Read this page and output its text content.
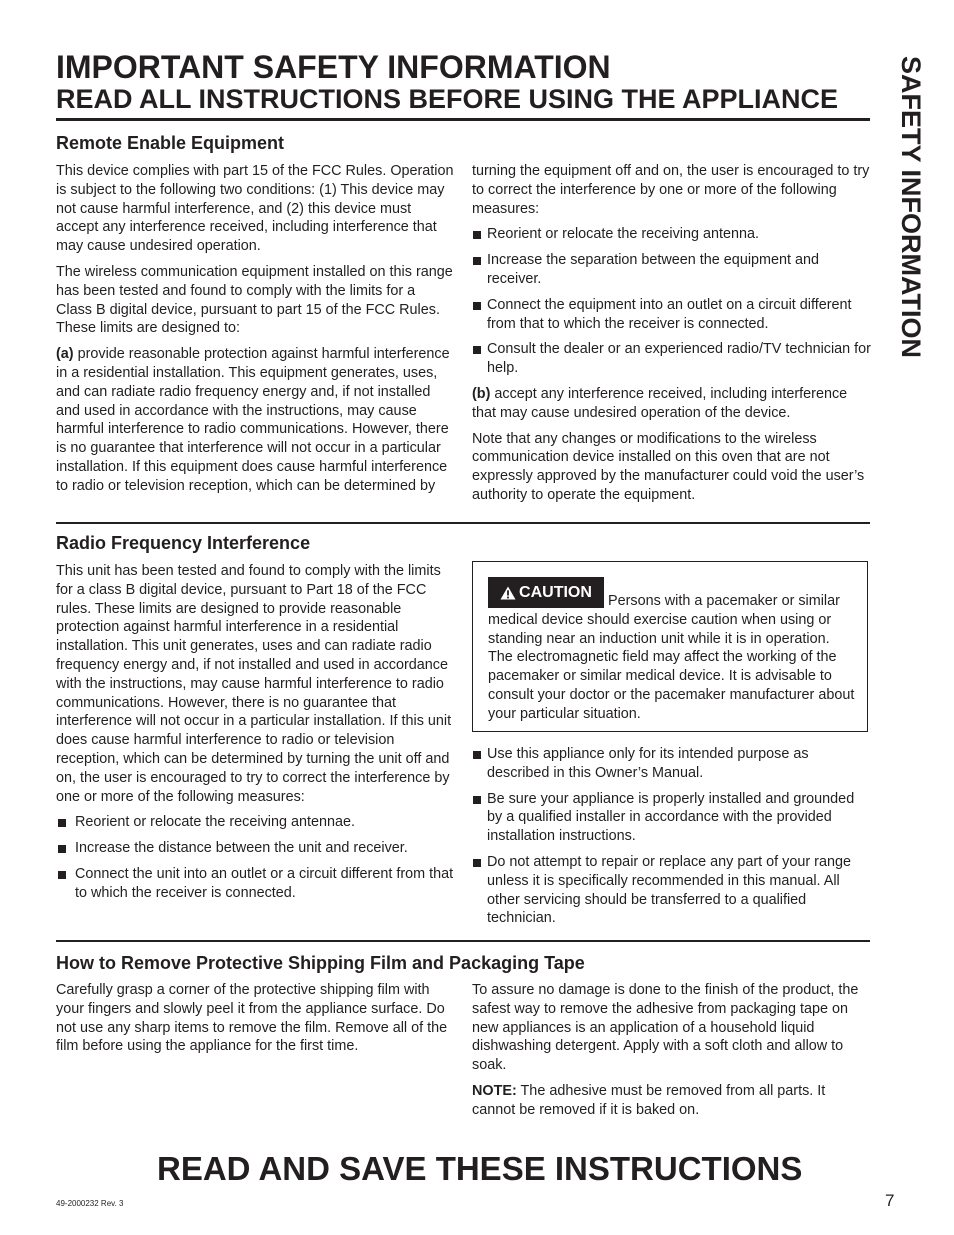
IMPORTANT SAFETY INFORMATION
READ ALL INSTRUCTIONS BEFORE USING THE APPLIANCE SAFETY INFORMATION
Remote Enable Equipment

This device complies with part 15 of the FCC Rules. Operation is subject to the following two conditions: (1) This device may not cause harmful interference, and (2) this device must accept any interference received, including interference that may cause undesired operation.

The wireless communication equipment installed on this range has been tested and found to comply with the limits for a Class B digital device, pursuant to part 15 of the FCC Rules. These limits are designed to:

(a) provide reasonable protection against harmful interference in a residential installation. This equipment generates, uses, and can radiate radio frequency energy and, if not installed and used in accordance with the instructions, may cause harmful interference to radio communications. However, there is no guarantee that interference will not occur in a particular installation. If this equipment does cause harmful interference to radio or television reception, which can be determined by

turning the equipment off and on, the user is encouraged to try to correct the interference by one or more of the following measures:

Reorient or relocate the receiving antenna.
Increase the separation between the equipment and receiver.
Connect the equipment into an outlet on a circuit different from that to which the receiver is connected.
Consult the dealer or an experienced radio/TV technician for help.

(b) accept any interference received, including interference that may cause undesired operation of the device.

Note that any changes or modifications to the wireless communication device installed on this oven that are not expressly approved by the manufacturer could void the user’s authority to operate the equipment.

Radio Frequency Interference

This unit has been tested and found to comply with the limits for a class B digital device, pursuant to Part 18 of the FCC rules. These limits are designed to provide reasonable protection against harmful interference in a residential installation. This unit generates, uses and can radiate radio frequency energy and, if not installed and used in accordance with the instructions, may cause harmful interference to radio communications. However, there is no guarantee that interference will not occur in a particular installation. If this unit does cause harmful interference to radio or television reception, which can be determined by turning the unit off and on, the user is encouraged to try to correct the interference by one or more of the following measures:

Reorient or relocate the receiving antennae.
Increase the distance between the unit and receiver.
Connect the unit into an outlet or a circuit different from that to which the receiver is connected.
CAUTION
Persons with a pacemaker or similar medical device should exercise caution when using or standing near an induction unit while it is in operation. The electromagnetic field may affect the working of the pacemaker or similar medical device. It is advisable to consult your doctor or the pacemaker manufacturer about your particular situation.
Use this appliance only for its intended purpose as described in this Owner’s Manual.
Be sure your appliance is properly installed and grounded by a qualified installer in accordance with the provided installation instructions.
Do not attempt to repair or replace any part of your range unless it is specifically recommended in this manual. All other servicing should be transferred to a qualified technician.
How to Remove Protective Shipping Film and Packaging Tape

Carefully grasp a corner of the protective shipping film with your fingers and slowly peel it from the appliance surface. Do not use any sharp items to remove the film. Remove all of the film before using the appliance for the first time.

To assure no damage is done to the finish of the product, the safest way to remove the adhesive from packaging tape on new appliances is an application of a household liquid dishwashing detergent. Apply with a soft cloth and allow to soak.

NOTE: The adhesive must be removed from all parts. It cannot be removed if it is baked on.

READ AND SAVE THESE INSTRUCTIONS
49-2000232 Rev. 3	7
